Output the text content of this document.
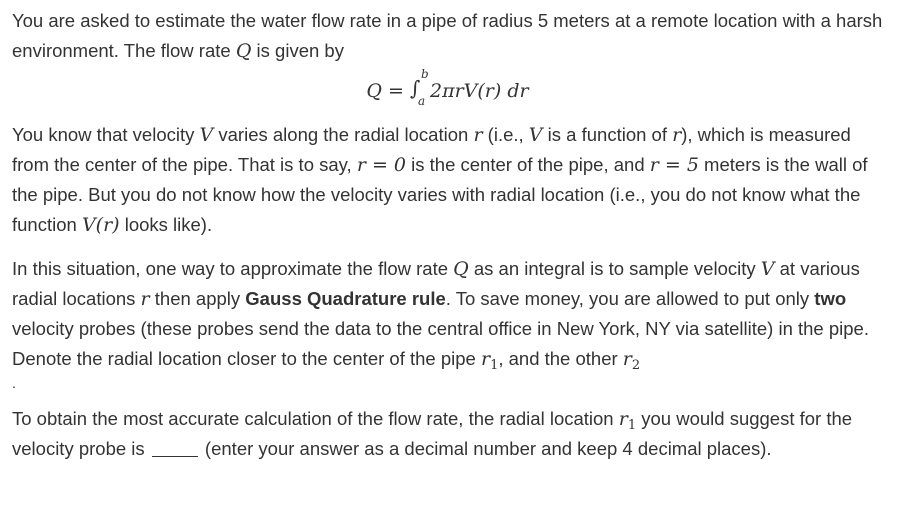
You are asked to estimate the water flow rate in a pipe of radius 5 meters at a remote location with a harsh environment. The flow rate Q is given by

Q = ∫
b
a 2πrV(r) dr

You know that velocity V varies along the radial location r (i.e., V is a function of r), which is measured from the center of the pipe. That is to say, r = 0 is the center of the pipe, and r = 5 meters is the wall of the pipe. But you do not know how the velocity varies with radial location (i.e., you do not know what the function V(r) looks like).

In this situation, one way to approximate the flow rate Q as an integral is to sample velocity V at various radial locations r then apply Gauss Quadrature rule. To save money, you are allowed to put only two velocity probes (these probes send the data to the central office in New York, NY via satellite) in the pipe. Denote the radial location closer to the center of the pipe $r_1$, and the other $r_2$

.

To obtain the most accurate calculation of the flow rate, the radial location $r_1$ you would suggest for the velocity probe is	(enter your answer as a decimal number and keep 4 decimal places).
